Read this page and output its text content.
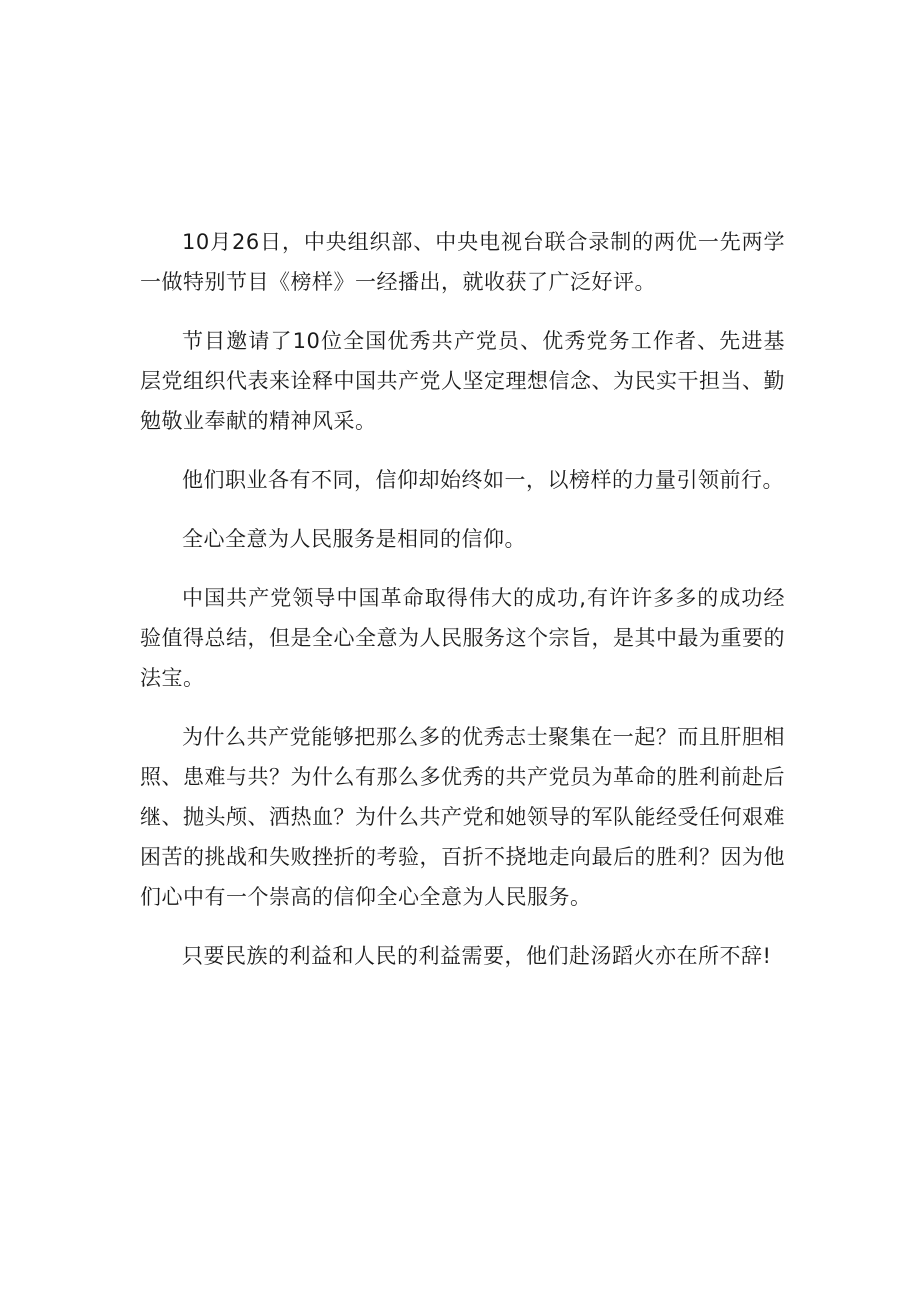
10月26日，中央组织部、中央电视台联合录制的两优一先两学一做特别节目《榜样》一经播出，就收获了广泛好评。

节目邀请了10位全国优秀共产党员、优秀党务工作者、先进基层党组织代表来诠释中国共产党人坚定理想信念、为民实干担当、勤勉敬业奉献的精神风采。

他们职业各有不同，信仰却始终如一，以榜样的力量引领前行。

全心全意为人民服务是相同的信仰。

中国共产党领导中国革命取得伟大的成功,有许许多多的成功经验值得总结，但是全心全意为人民服务这个宗旨，是其中最为重要的法宝。

为什么共产党能够把那么多的优秀志士聚集在一起？而且肝胆相照、患难与共？为什么有那么多优秀的共产党员为革命的胜利前赴后继、抛头颅、洒热血？为什么共产党和她领导的军队能经受任何艰难困苦的挑战和失败挫折的考验，百折不挠地走向最后的胜利？因为他们心中有一个崇高的信仰全心全意为人民服务。

只要民族的利益和人民的利益需要，他们赴汤蹈火亦在所不辞!
